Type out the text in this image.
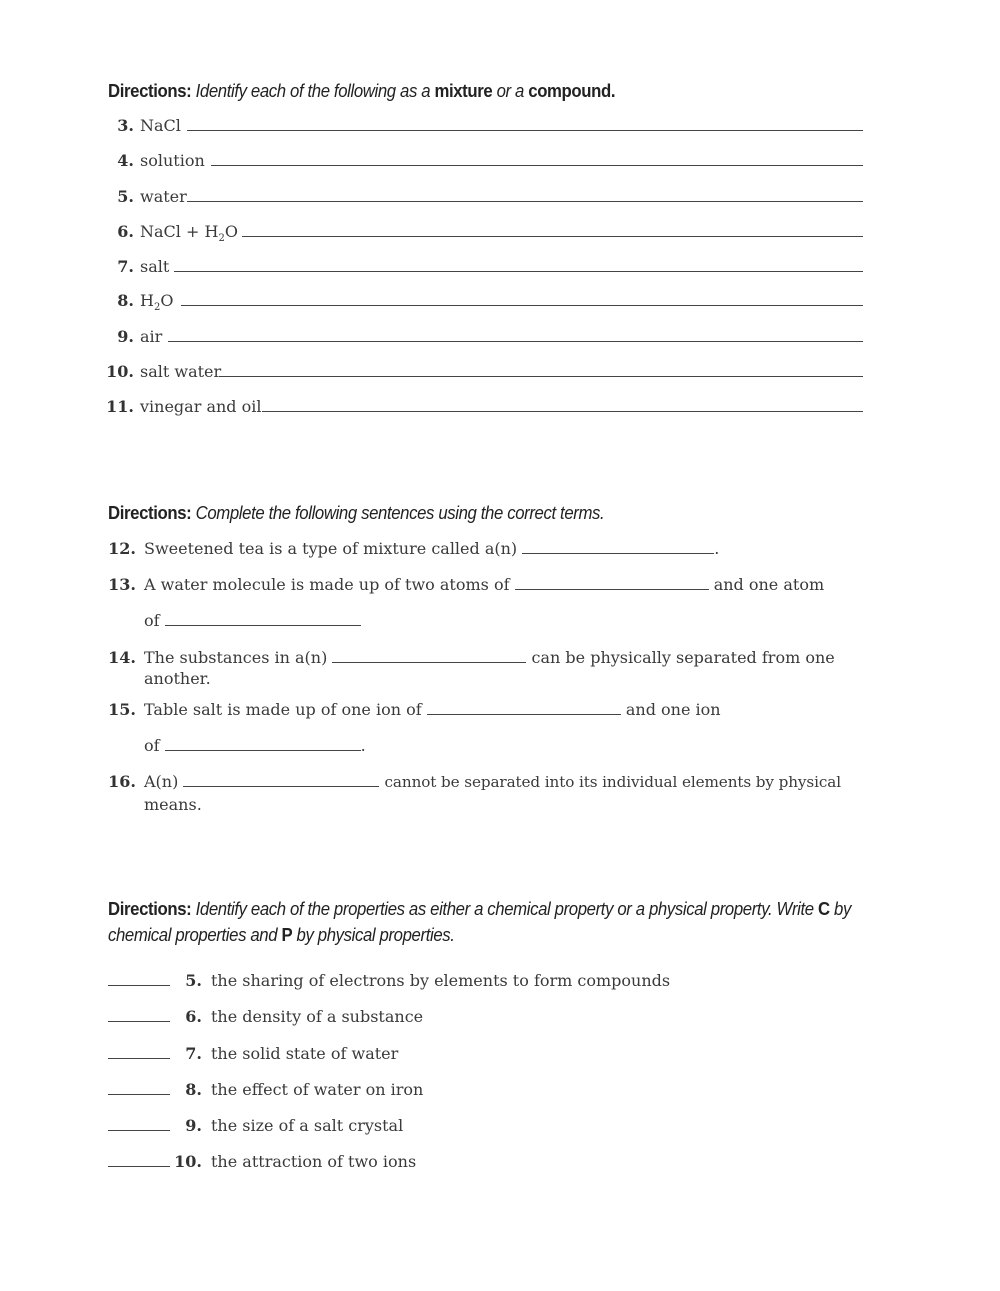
Directions: Identify each of the following as a mixture or a compound.
3. NaCl
4. solution
5. water
6. NaCl + $H_2O$
7. salt
8. $H_2O$
9. air
10. salt water
11. vinegar and oil
Directions: Complete the following sentences using the correct terms.
12. Sweetened tea is a type of mixture called a(n)	.
13. A water molecule is made up of two atoms of	and one atom
of
14. The substances in a(n)	can be physically separated from one
another.
15. Table salt is made up of one ion of	and one ion
of	.
16. A(n)	cannot be separated into its individual elements by physical
means.
Directions: Identify each of the properties as either a chemical property or a physical property. Write C by
chemical properties and P by physical properties.
5. the sharing of electrons by elements to form compounds
6. the density of a substance
7. the solid state of water
8. the effect of water on iron
9. the size of a salt crystal
10. the attraction of two ions
